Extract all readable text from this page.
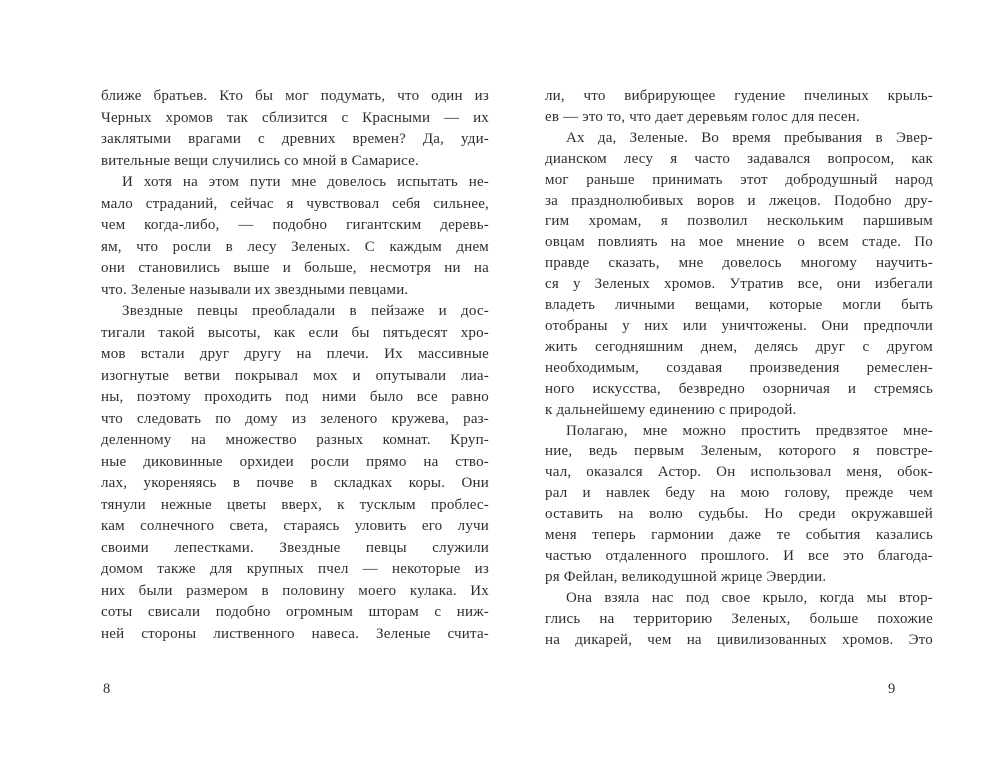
ближе братьев. Кто бы мог подумать, что один из
Черных хромов так сблизится с Красными — их
заклятыми врагами с древних времен? Да, уди-
вительные вещи случились со мной в Самарисе.
И хотя на этом пути мне довелось испытать не-
мало страданий, сейчас я чувствовал себя сильнее,
чем когда-либо, — подобно гигантским деревь-
ям, что росли в лесу Зеленых. С каждым днем
они становились выше и больше, несмотря ни на
что. Зеленые называли их звездными певцами.
Звездные певцы преобладали в пейзаже и дос-
тигали такой высоты, как если бы пятьдесят хро-
мов встали друг другу на плечи. Их массивные
изогнутые ветви покрывал мох и опутывали лиа-
ны, поэтому проходить под ними было все равно
что следовать по дому из зеленого кружева, раз-
деленному на множество разных комнат. Круп-
ные диковинные орхидеи росли прямо на ство-
лах, укореняясь в почве в складках коры. Они
тянули нежные цветы вверх, к тусклым проблес-
кам солнечного света, стараясь уловить его лучи
своими лепестками. Звездные певцы служили
домом также для крупных пчел — некоторые из
них были размером в половину моего кулака. Их
соты свисали подобно огромным шторам с ниж-
ней стороны лиственного навеса. Зеленые счита-
8
ли, что вибрирующее гудение пчелиных крыль-
ев — это то, что дает деревьям голос для песен.
Ах да, Зеленые. Во время пребывания в Эвер-
дианском лесу я часто задавался вопросом, как
мог раньше принимать этот добродушный народ
за празднолюбивых воров и лжецов. Подобно дру-
гим хромам, я позволил нескольким паршивым
овцам повлиять на мое мнение о всем стаде. По
правде сказать, мне довелось многому научить-
ся у Зеленых хромов. Утратив все, они избегали
владеть личными вещами, которые могли быть
отобраны у них или уничтожены. Они предпочли
жить сегодняшним днем, делясь друг с другом
необходимым, создавая произведения ремеслен-
ного искусства, безвредно озорничая и стремясь
к дальнейшему единению с природой.
Полагаю, мне можно простить предвзятое мне-
ние, ведь первым Зеленым, которого я повстре-
чал, оказался Астор. Он использовал меня, обок-
рал и навлек беду на мою голову, прежде чем
оставить на волю судьбы. Но среди окружавшей
меня теперь гармонии даже те события казались
частью отдаленного прошлого. И все это благода-
ря Фейлан, великодушной жрице Эвердии.
Она взяла нас под свое крыло, когда мы втор-
глись на территорию Зеленых, больше похожие
на дикарей, чем на цивилизованных хромов. Это
9
